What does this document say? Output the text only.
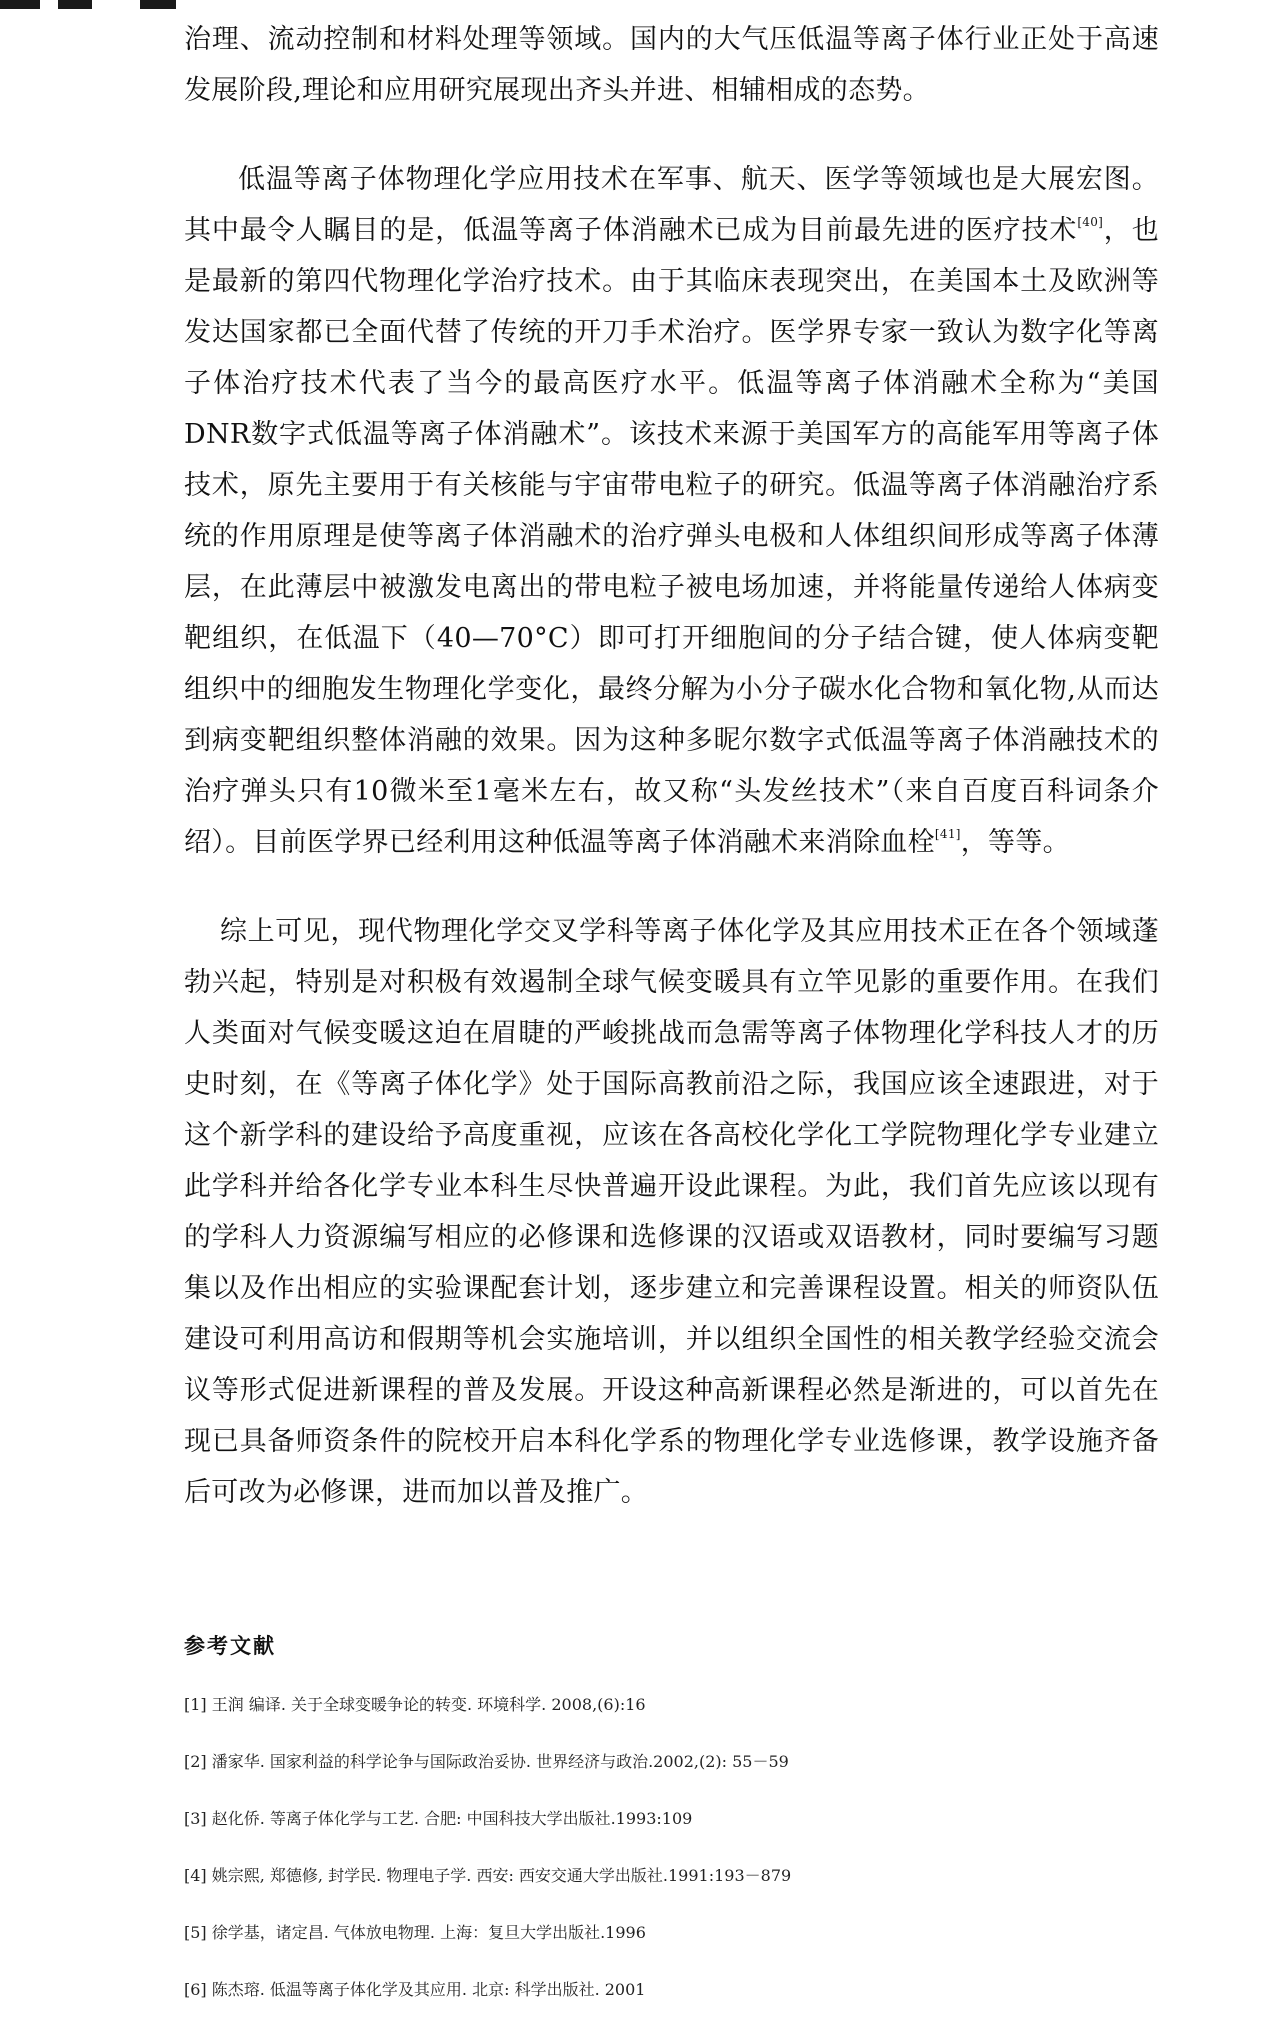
治理、流动控制和材料处理等领域。国内的大气压低温等离子体行业正处于高速发展阶段,理论和应用研究展现出齐头并进、相辅相成的态势。

低温等离子体物理化学应用技术在军事、航天、医学等领域也是大展宏图。其中最令人瞩目的是，低温等离子体消融术已成为目前最先进的医疗技术[40]，也是最新的第四代物理化学治疗技术。由于其临床表现突出，在美国本土及欧洲等发达国家都已全面代替了传统的开刀手术治疗。医学界专家一致认为数字化等离子体治疗技术代表了当今的最高医疗水平。低温等离子体消融术全称为“美国DNR数字式低温等离子体消融术”。该技术来源于美国军方的高能军用等离子体技术，原先主要用于有关核能与宇宙带电粒子的研究。低温等离子体消融治疗系统的作用原理是使等离子体消融术的治疗弹头电极和人体组织间形成等离子体薄层，在此薄层中被激发电离出的带电粒子被电场加速，并将能量传递给人体病变靶组织，在低温下（40—70°C）即可打开细胞间的分子结合键，使人体病变靶组织中的细胞发生物理化学变化，最终分解为小分子碳水化合物和氧化物,从而达到病变靶组织整体消融的效果。因为这种多昵尔数字式低温等离子体消融技术的治疗弹头只有10微米至1毫米左右，故又称“头发丝技术”（来自百度百科词条介绍）。目前医学界已经利用这种低温等离子体消融术来消除血栓[41]，等等。

综上可见，现代物理化学交叉学科等离子体化学及其应用技术正在各个领域蓬勃兴起，特别是对积极有效遏制全球气候变暖具有立竿见影的重要作用。在我们人类面对气候变暖这迫在眉睫的严峻挑战而急需等离子体物理化学科技人才的历史时刻，在《等离子体化学》处于国际高教前沿之际，我国应该全速跟进，对于这个新学科的建设给予高度重视，应该在各高校化学化工学院物理化学专业建立此学科并给各化学专业本科生尽快普遍开设此课程。为此，我们首先应该以现有的学科人力资源编写相应的必修课和选修课的汉语或双语教材，同时要编写习题集以及作出相应的实验课配套计划，逐步建立和完善课程设置。相关的师资队伍建设可利用高访和假期等机会实施培训，并以组织全国性的相关教学经验交流会议等形式促进新课程的普及发展。开设这种高新课程必然是渐进的，可以首先在现已具备师资条件的院校开启本科化学系的物理化学专业选修课，教学设施齐备后可改为必修课，进而加以普及推广。

参考文献
[1] 王润 编译. 关于全球变暖争论的转变. 环境科学. 2008,(6):16
[2] 潘家华. 国家利益的科学论争与国际政治妥协. 世界经济与政治.2002,(2): 55－59
[3] 赵化侨. 等离子体化学与工艺. 合肥: 中国科技大学出版社.1993:109
[4] 姚宗熙, 郑德修, 封学民. 物理电子学. 西安: 西安交通大学出版社.1991:193－879
[5] 徐学基，诸定昌. 气体放电物理. 上海：复旦大学出版社.1996
[6] 陈杰瑢. 低温等离子体化学及其应用. 北京: 科学出版社. 2001
